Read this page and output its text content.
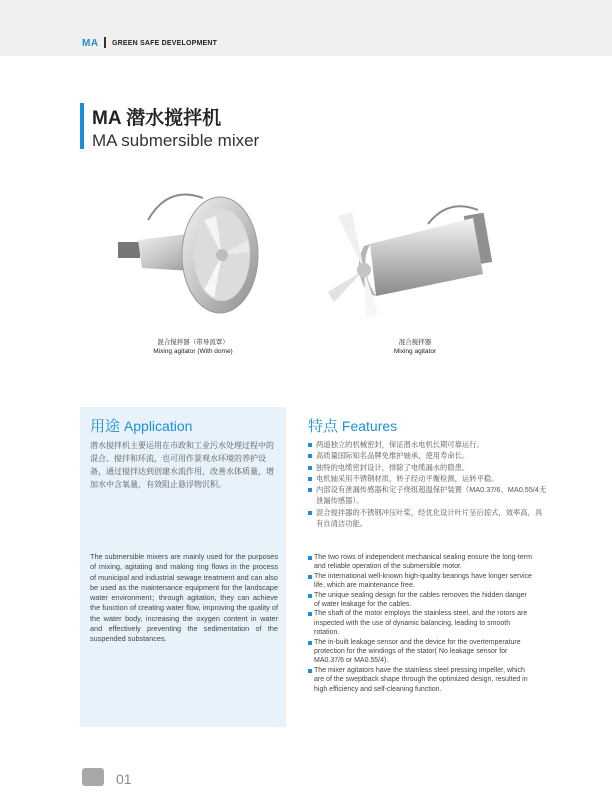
MA GREEN SAFE DEVELOPMENT
MA 潜水搅拌机
MA submersible mixer
混合搅拌器（带导流罩）
Mixing agitator (With dome)
混合搅拌器
Mixing agitator
用途 Application
潜水搅拌机主要运用在市政和工业污水处理过程中的混合、搅拌和环流，也可用作景观水环境的养护设备，通过搅拌达到创建水流作用，改善水体质量，增加水中含氧量，有效阻止悬浮物沉积。
The submersible mixers are mainly used for the purposes of mixing, agitating and making ring flows in the process of municipal and industrial sewage treatment and can also be used as the maintenance equipment for the landscape water environment；through agitation, they can achieve the function of creating water flow, improving the quality of the water body, increasing the oxygen content in water and effectively preventing the sedimentation of the suspended substances.
特点 Features
两道独立的机械密封，保证潜水电机长期可靠运行。
高质量国际知名品牌免维护轴承，使用寿命长。
独特的电缆密封设计，排除了电缆漏水的隐患。
电机轴采用不锈钢材质，转子经动平衡检测，运转平稳。
内部设有泄漏传感器和定子绕组超温保护装置（MA0.37/6、MA0.55/4无泄漏传感器）。
混合搅拌器的不锈钢冲压叶桨，经优化设计叶片呈后掠式，效率高，具有自清洁功能。
The two rows of independent mechanical sealing ensure the long-term and reliable operation of the submersible motor.
The international well-known high-quality bearings have longer service life, which are maintenance free.
The unique sealing design for the cables removes the hidden danger of water leakage for the cables.
The shaft of the motor employs the stainless steel, and the rotors are inspected with the use of dynamic balancing, leading to smooth rotation.
The in-built leakage sensor and the device for the overtemperature protection for the windings of the stator( No leakage sensor for MA0.37/6 or MA0.55/4).
The mixer agitators have the stainless steel pressing impeller, which are of the sweptback shape through the optimized design, resulted in high efficiency and self-cleaning function.
01
